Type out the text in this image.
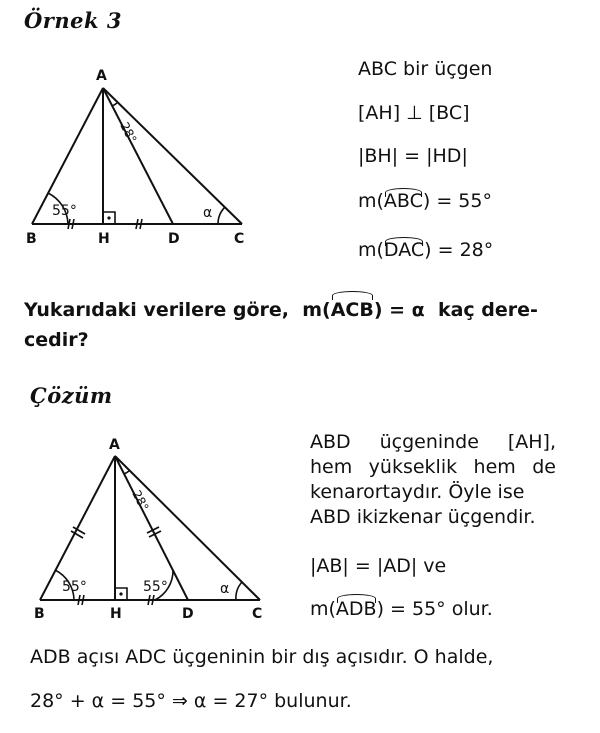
Örnek 3
A
B	H	D	C
55°	α
28°
ABC bir üçgen
[AH] ⊥ [BC]
|BH| = |HD|
m(ABC) = 55°
m(DAC) = 28°
Yukarıdaki verilere göre, m(ACB) = α kaç dere-
cedir?
Çözüm
A
B	H	D	C
55°	55°	α
28°
ABD üçgeninde [AH], hem yükseklik hem de kenarortaydır. Öyle ise
ABD ikizkenar üçgendir.
|AB| = |AD| ve
m(ADB) = 55° olur.
ADB açısı ADC üçgeninin bir dış açısıdır. O halde,
28° + α = 55° ⇒ α = 27° bulunur.
